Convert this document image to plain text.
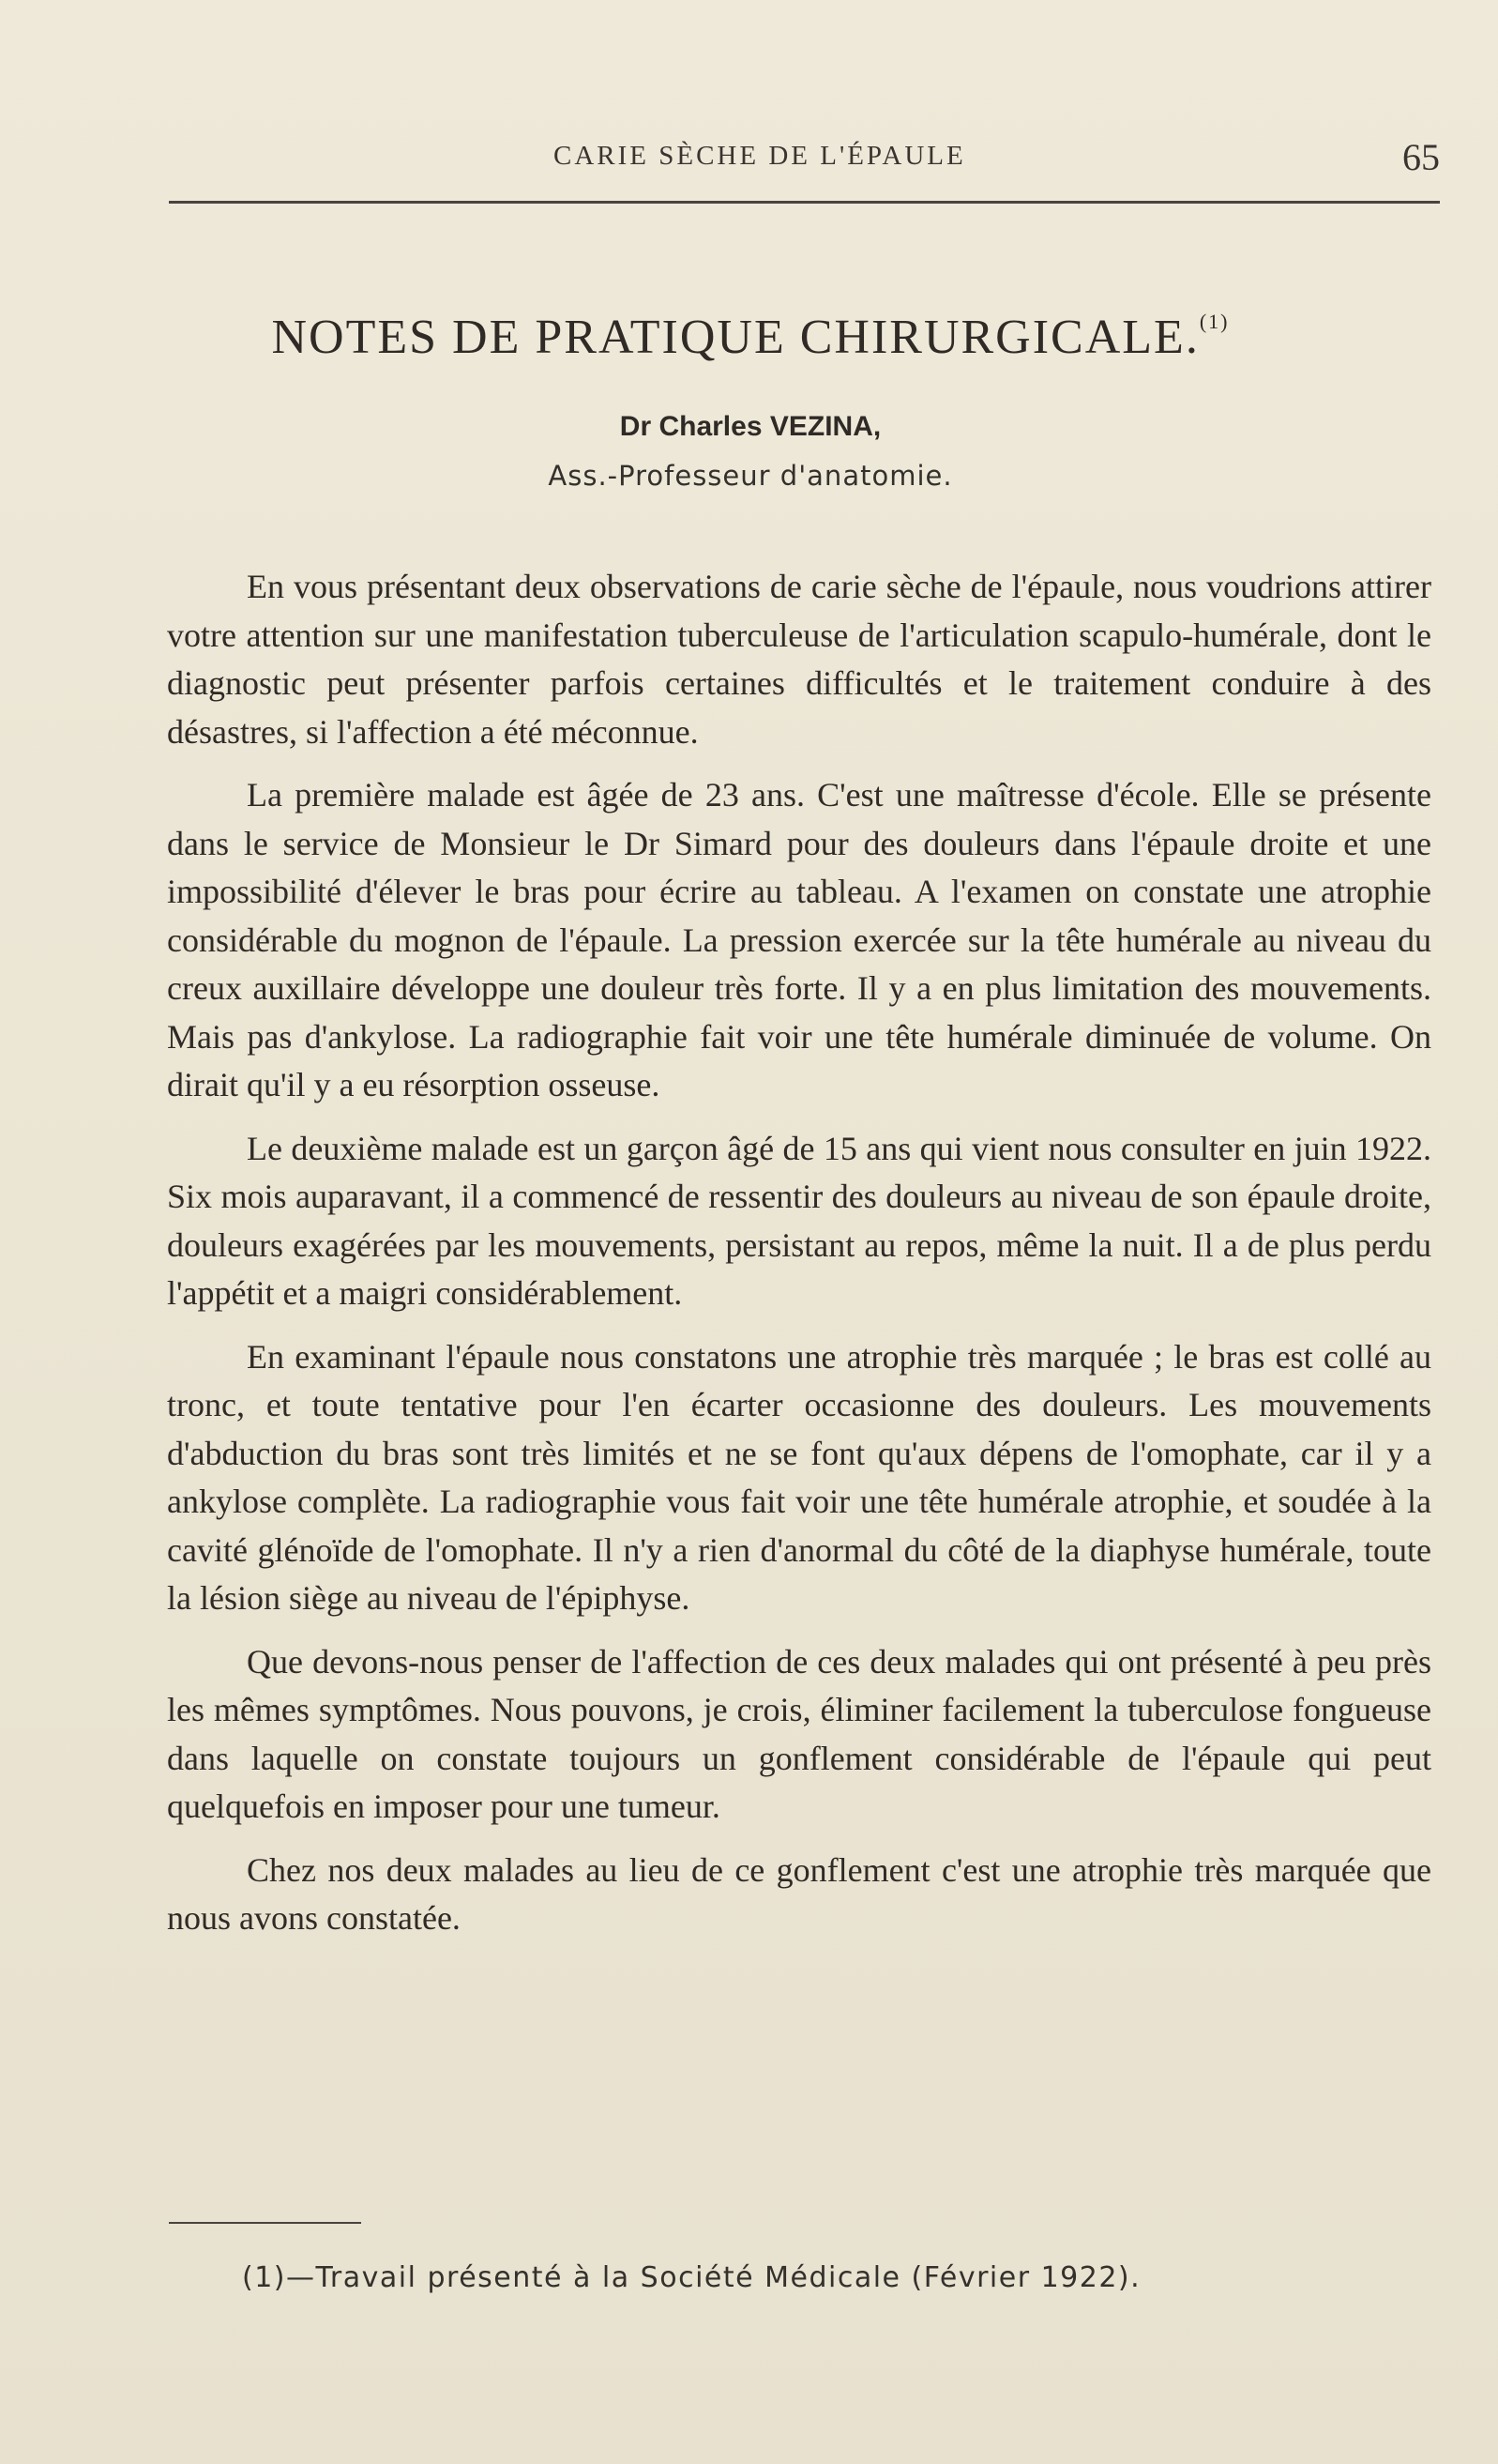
CARIE SÈCHE DE L'ÉPAULE	65
NOTES DE PRATIQUE CHIRURGICALE.$^{(1)}$
Dr Charles VEZINA,
Ass.-Professeur d'anatomie.

En vous présentant deux observations de carie sèche de l'épaule, nous voudrions attirer votre attention sur une manifestation tuberculeuse de l'articulation scapulo-humérale, dont le diagnostic peut présenter parfois certaines difficultés et le traitement conduire à des désastres, si l'affection a été méconnue.

La première malade est âgée de 23 ans. C'est une maîtresse d'école. Elle se présente dans le service de Monsieur le Dr Simard pour des douleurs dans l'épaule droite et une impossibilité d'élever le bras pour écrire au tableau. A l'examen on constate une atrophie considérable du mognon de l'épaule. La pression exercée sur la tête humérale au niveau du creux auxillaire développe une douleur très forte. Il y a en plus limitation des mouvements. Mais pas d'ankylose. La radiographie fait voir une tête humérale diminuée de volume. On dirait qu'il y a eu résorption osseuse.

Le deuxième malade est un garçon âgé de 15 ans qui vient nous consulter en juin 1922. Six mois auparavant, il a commencé de ressentir des douleurs au niveau de son épaule droite, douleurs exagérées par les mouvements, persistant au repos, même la nuit. Il a de plus perdu l'appétit et a maigri considérablement.

En examinant l'épaule nous constatons une atrophie très marquée ; le bras est collé au tronc, et toute tentative pour l'en écarter occasionne des douleurs. Les mouvements d'abduction du bras sont très limités et ne se font qu'aux dépens de l'omophate, car il y a ankylose complète. La radiographie vous fait voir une tête humérale atrophie, et soudée à la cavité glénoïde de l'omophate. Il n'y a rien d'anormal du côté de la diaphyse humérale, toute la lésion siège au niveau de l'épiphyse.

Que devons-nous penser de l'affection de ces deux malades qui ont présenté à peu près les mêmes symptômes. Nous pouvons, je crois, éliminer facilement la tuberculose fongueuse dans laquelle on constate toujours un gonflement considérable de l'épaule qui peut quelquefois en imposer pour une tumeur.

Chez nos deux malades au lieu de ce gonflement c'est une atrophie très marquée que nous avons constatée.

(1)—Travail présenté à la Société Médicale (Février 1922).
